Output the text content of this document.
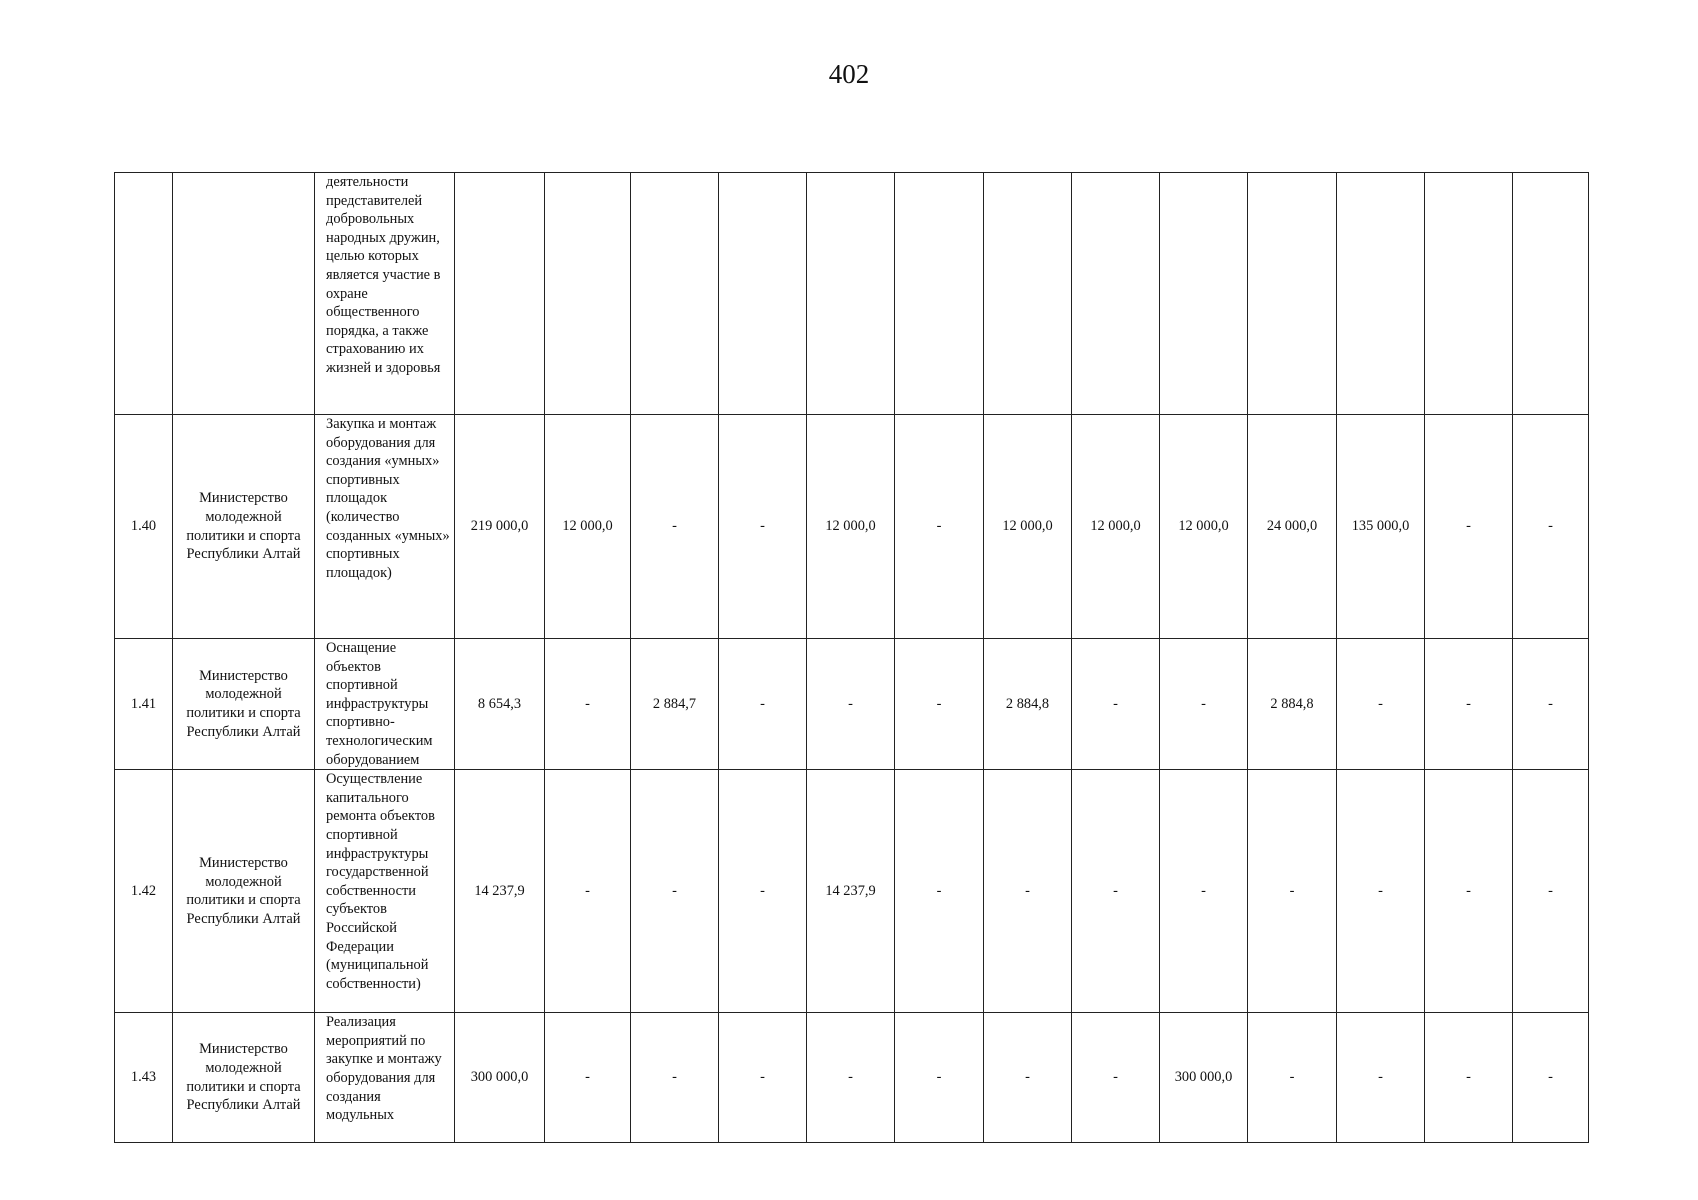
402
		деятельности представителей добровольных народных дружин, целью которых является участие в охране общественного порядка, а также страхованию их жизней и здоровья													
1.40	Министерство молодежной политики и спорта Республики Алтай	Закупка и монтаж оборудования для создания «умных» спортивных площадок (количество созданных «умных» спортивных площадок)	219 000,0	12 000,0	-	-	12 000,0	-	12 000,0	12 000,0	12 000,0	24 000,0	135 000,0	-	-
1.41	Министерство молодежной политики и спорта Республики Алтай	Оснащение объектов спортивной инфраструктуры спортивно-технологическим оборудованием	8 654,3	-	2 884,7	-	-	-	2 884,8	-	-	2 884,8	-	-	-
1.42	Министерство молодежной политики и спорта Республики Алтай	Осуществление капитального ремонта объектов спортивной инфраструктуры государственной собственности субъектов Российской Федерации (муниципальной собственности)	14 237,9	-	-	-	14 237,9	-	-	-	-	-	-	-	-
1.43	Министерство молодежной политики и спорта Республики Алтай	Реализация мероприятий по закупке и монтажу оборудования для создания модульных	300 000,0	-	-	-	-	-	-	-	300 000,0	-	-	-	-
